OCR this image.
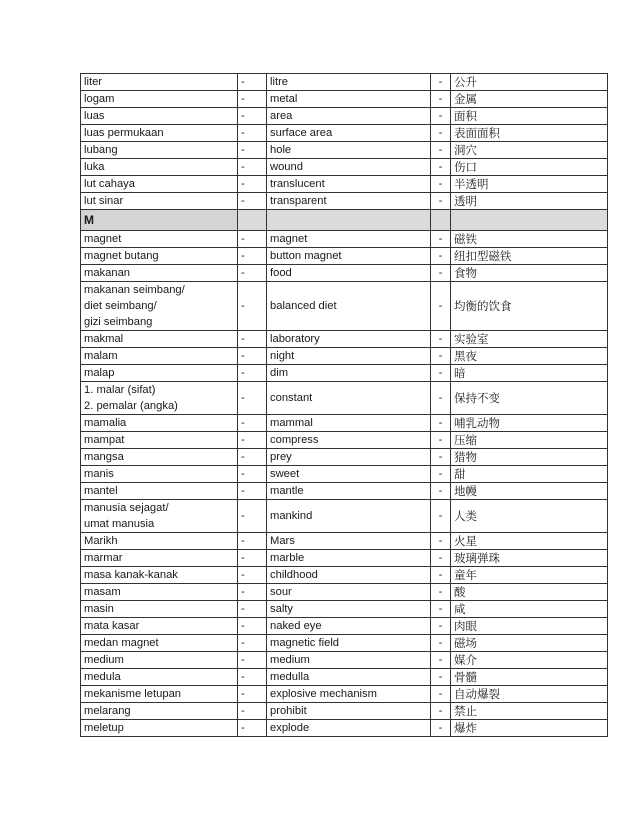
liter	-	litre	-	公升
logam	-	metal	-	金属
luas	-	area	-	面积
luas permukaan	-	surface area	-	表面面积
lubang	-	hole	-	洞穴
luka	-	wound	-	伤口
lut cahaya	-	translucent	-	半透明
lut sinar	-	transparent	-	透明
M				
magnet	-	magnet	-	磁铁
magnet butang	-	button magnet	-	纽扣型磁铁
makanan	-	food	-	食物
makanan seimbang/
diet seimbang/
gizi seimbang	-	balanced diet	-	均衡的饮食
makmal	-	laboratory	-	实验室
malam	-	night	-	黑夜
malap	-	dim	-	暗
1. malar (sifat)
2. pemalar (angka)	-	constant	-	保持不变
mamalia	-	mammal	-	哺乳动物
mampat	-	compress	-	压缩
mangsa	-	prey	-	猎物
manis	-	sweet	-	甜
mantel	-	mantle	-	地幔
manusia sejagat/
umat manusia	-	mankind	-	人类
Marikh	-	Mars	-	火星
marmar	-	marble	-	玻璃弹珠
masa kanak-kanak	-	childhood	-	童年
masam	-	sour	-	酸
masin	-	salty	-	咸
mata kasar	-	naked eye	-	肉眼
medan magnet	-	magnetic field	-	磁场
medium	-	medium	-	媒介
medula	-	medulla	-	骨髓
mekanisme letupan	-	explosive mechanism	-	自动爆裂
melarang	-	prohibit	-	禁止
meletup	-	explode	-	爆炸
